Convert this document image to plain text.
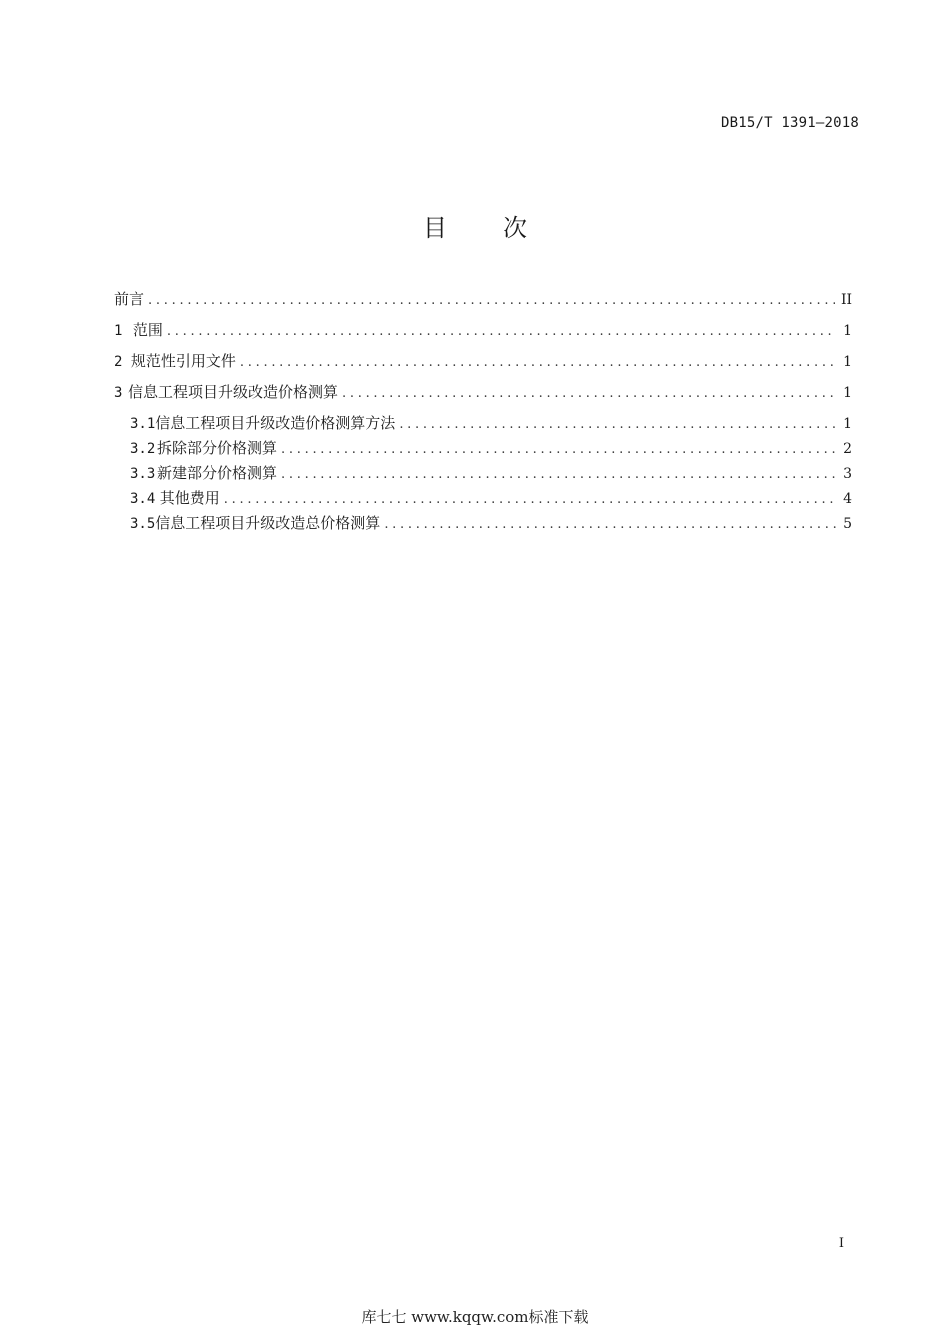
DB15/T 1391—2018
目 次
前言 . . .	II
1 范围 . . .	1
2 规范性引用文件 . . .	1
3 信息工程项目升级改造价格测算 . . .	1
3.1 信息工程项目升级改造价格测算方法 . . .	1
3.2 拆除部分价格测算 . . .	2
3.3 新建部分价格测算 . . .	3
3.4 其他费用 . . .	4
3.5 信息工程项目升级改造总价格测算 . . .	5
I
库七七 www.kqqw.com标准下载
